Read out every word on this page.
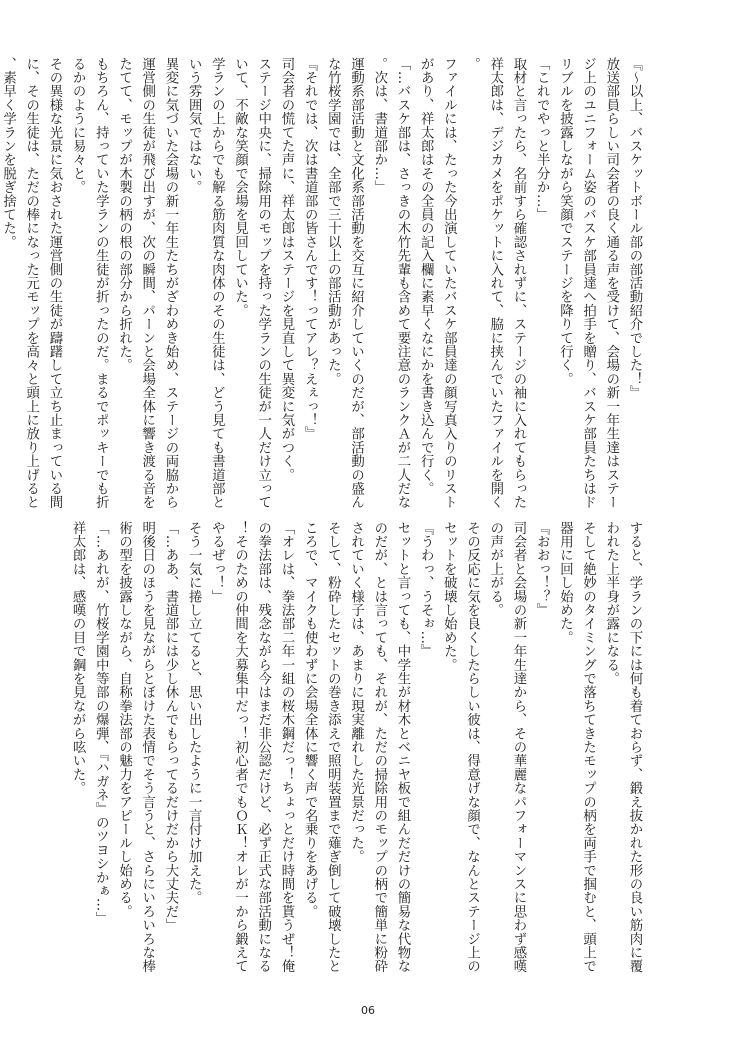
『～以上、バスケットボール部の部活動紹介でした！』

放送部員らしい司会者の良く通る声を受けて、会場の新一年生達はステージ上のユニフォーム姿のバスケ部員達へ拍手を贈り、バスケ部員たちはドリブルを披露しながら笑顔でステージを降りて行く。

「これでやっと半分か…」

取材と言ったら、名前すら確認されずに、ステージの袖に入れてもらった祥太郎は、デジカメをポケットに入れて、脇に挟んでいたファイルを開く。

ファイルには、たった今出演していたバスケ部員達の顔写真入りのリストがあり、祥太郎はその全員の記入欄に素早くなにかを書き込んで行く。

「…バスケ部は、さっきの木竹先輩も含めて要注意のランクＡが二人だな。次は、書道部か…」

運動系部活動と文化系部活動を交互に紹介していくのだが、部活動の盛んな竹桜学園では、全部で三十以上の部活動があった。

『それでは、次は書道部の皆さんです！ってアレ？えぇっ！』

司会者の慌てた声に、祥太郎はステージを見直して異変に気がつく。

ステージ中央に、掃除用のモップを持った学ランの生徒が一人だけ立っていて、不敵な笑顔で会場を見回していた。

学ランの上からでも解る筋肉質な肉体のその生徒は、どう見ても書道部という雰囲気ではない。

異変に気づいた会場の新一年生たちがざわめき始め、ステージの両脇から運営側の生徒が飛び出すが、次の瞬間、パーンと会場全体に響き渡る音をたてて、モップが木製の柄の根の部分から折れた。

もちろん、持っていた学ランの生徒が折ったのだ。まるでポッキーでも折るかのように易々と。

その異様な光景に気おされた運営側の生徒が躊躇して立ち止まっている間に、その生徒は、ただの棒になった元モップを高々と頭上に放り上げると、素早く学ランを脱ぎ捨てた。

すると、学ランの下には何も着ておらず、鍛え抜かれた形の良い筋肉に覆われた上半身が露になる。

そして絶妙のタイミングで落ちてきたモップの柄を両手で掴むと、頭上で器用に回し始めた。

『おおっ！？』

司会者と会場の新一年生達から、その華麗なパフォーマンスに思わず感嘆の声が上がる。

その反応に気を良くしたらしい彼は、得意げな顔で、なんとステージ上のセットを破壊し始めた。

『うわっ、うそぉ…』

セットと言っても、中学生が材木とベニヤ板で組んだだけの簡易な代物なのだが、とは言っても、それが、ただの掃除用のモップの柄で簡単に粉砕されていく様子は、あまりに現実離れした光景だった。

そして、粉砕したセットの巻き添えで照明装置まで薙ぎ倒して破壊したところで、マイクも使わずに会場全体に響く声で名乗りをあげる。

「オレは、拳法部二年一組の桜木鋼だっ！ちょっとだけ時間を貰うぜ！俺の拳法部は、残念ながら今はまだ非公認だけど、必ず正式な部活動になる！そのための仲間を大募集中だっ！初心者でもＯＫ！オレが一から鍛えてやるぜっ！」

そう一気に捲し立てると、思い出したように一言付け加えた。

「…ああ、書道部には少し休んでもらってるだけだから大丈夫だ」

明後日のほうを見ながらとぼけた表情でそう言うと、さらにいろいろな棒術の型を披露しながら、自称拳法部の魅力をアピールし始める。

「…あれが、竹桜学園中等部の爆弾、『ハガネ』のツヨシかぁ…」

祥太郎は、感嘆の目で鋼を見ながら呟いた。

06
